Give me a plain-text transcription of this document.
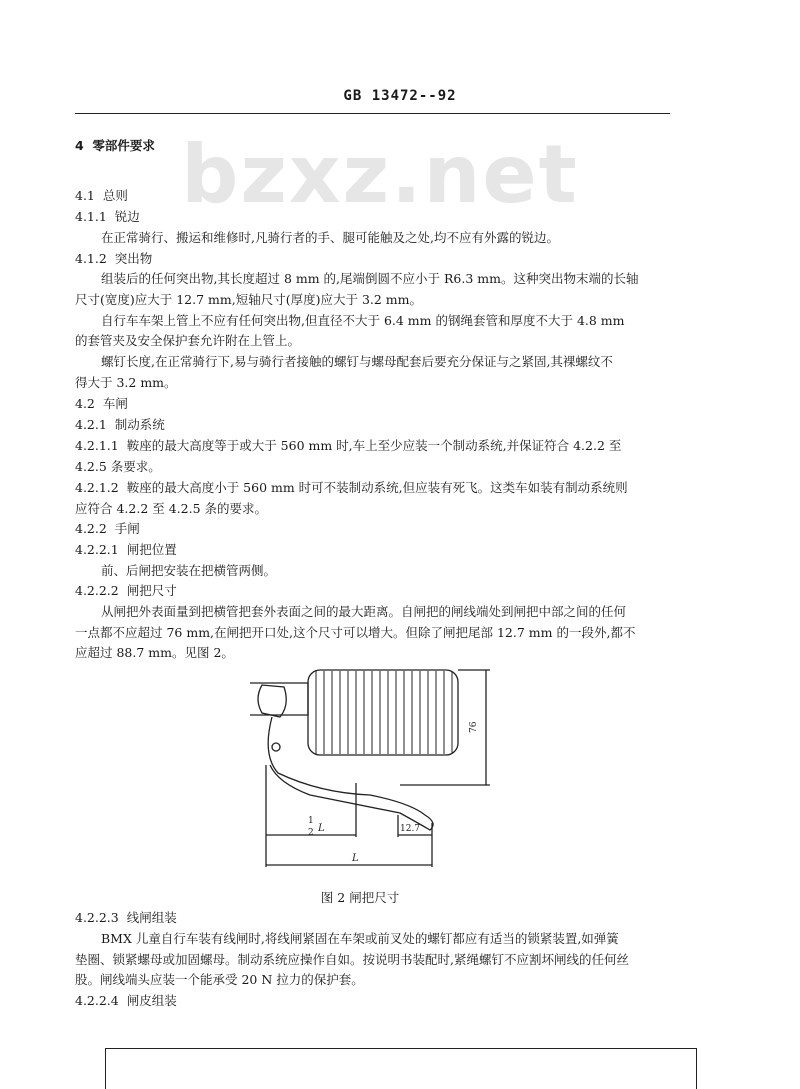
GB 13472--92
bzxz.net
4 零部件要求
4.1 总则
4.1.1 锐边
在正常骑行、搬运和维修时,凡骑行者的手、腿可能触及之处,均不应有外露的锐边。
4.1.2 突出物
组装后的任何突出物,其长度超过 8 mm 的,尾端倒圆不应小于 R6.3 mm。这种突出物末端的长轴
尺寸(宽度)应大于 12.7 mm,短轴尺寸(厚度)应大于 3.2 mm。
自行车车架上管上不应有任何突出物,但直径不大于 6.4 mm 的钢绳套管和厚度不大于 4.8 mm
的套管夹及安全保护套允许附在上管上。
螺钉长度,在正常骑行下,易与骑行者接触的螺钉与螺母配套后要充分保证与之紧固,其裸螺纹不
得大于 3.2 mm。
4.2 车闸
4.2.1 制动系统
4.2.1.1 鞍座的最大高度等于或大于 560 mm 时,车上至少应装一个制动系统,并保证符合 4.2.2 至
4.2.5 条要求。
4.2.1.2 鞍座的最大高度小于 560 mm 时可不装制动系统,但应装有死飞。这类车如装有制动系统则
应符合 4.2.2 至 4.2.5 条的要求。
4.2.2 手闸
4.2.2.1 闸把位置
前、后闸把安装在把横管两侧。
4.2.2.2 闸把尺寸
从闸把外表面量到把横管把套外表面之间的最大距离。自闸把的闸线端处到闸把中部之间的任何
一点都不应超过 76 mm,在闸把开口处,这个尺寸可以增大。但除了闸把尾部 12.7 mm 的一段外,都不
应超过 88.7 mm。见图 2。
76
1
2 L	12.7
L
图 2 闸把尺寸
4.2.2.3 线闸组装
BMX 儿童自行车装有线闸时,将线闸紧固在车架或前叉处的螺钉都应有适当的锁紧装置,如弹簧
垫圈、锁紧螺母或加固螺母。制动系统应操作自如。按说明书装配时,紧绳螺钉不应割坏闸线的任何丝
股。闸线端头应装一个能承受 20 N 拉力的保护套。
4.2.2.4 闸皮组装
